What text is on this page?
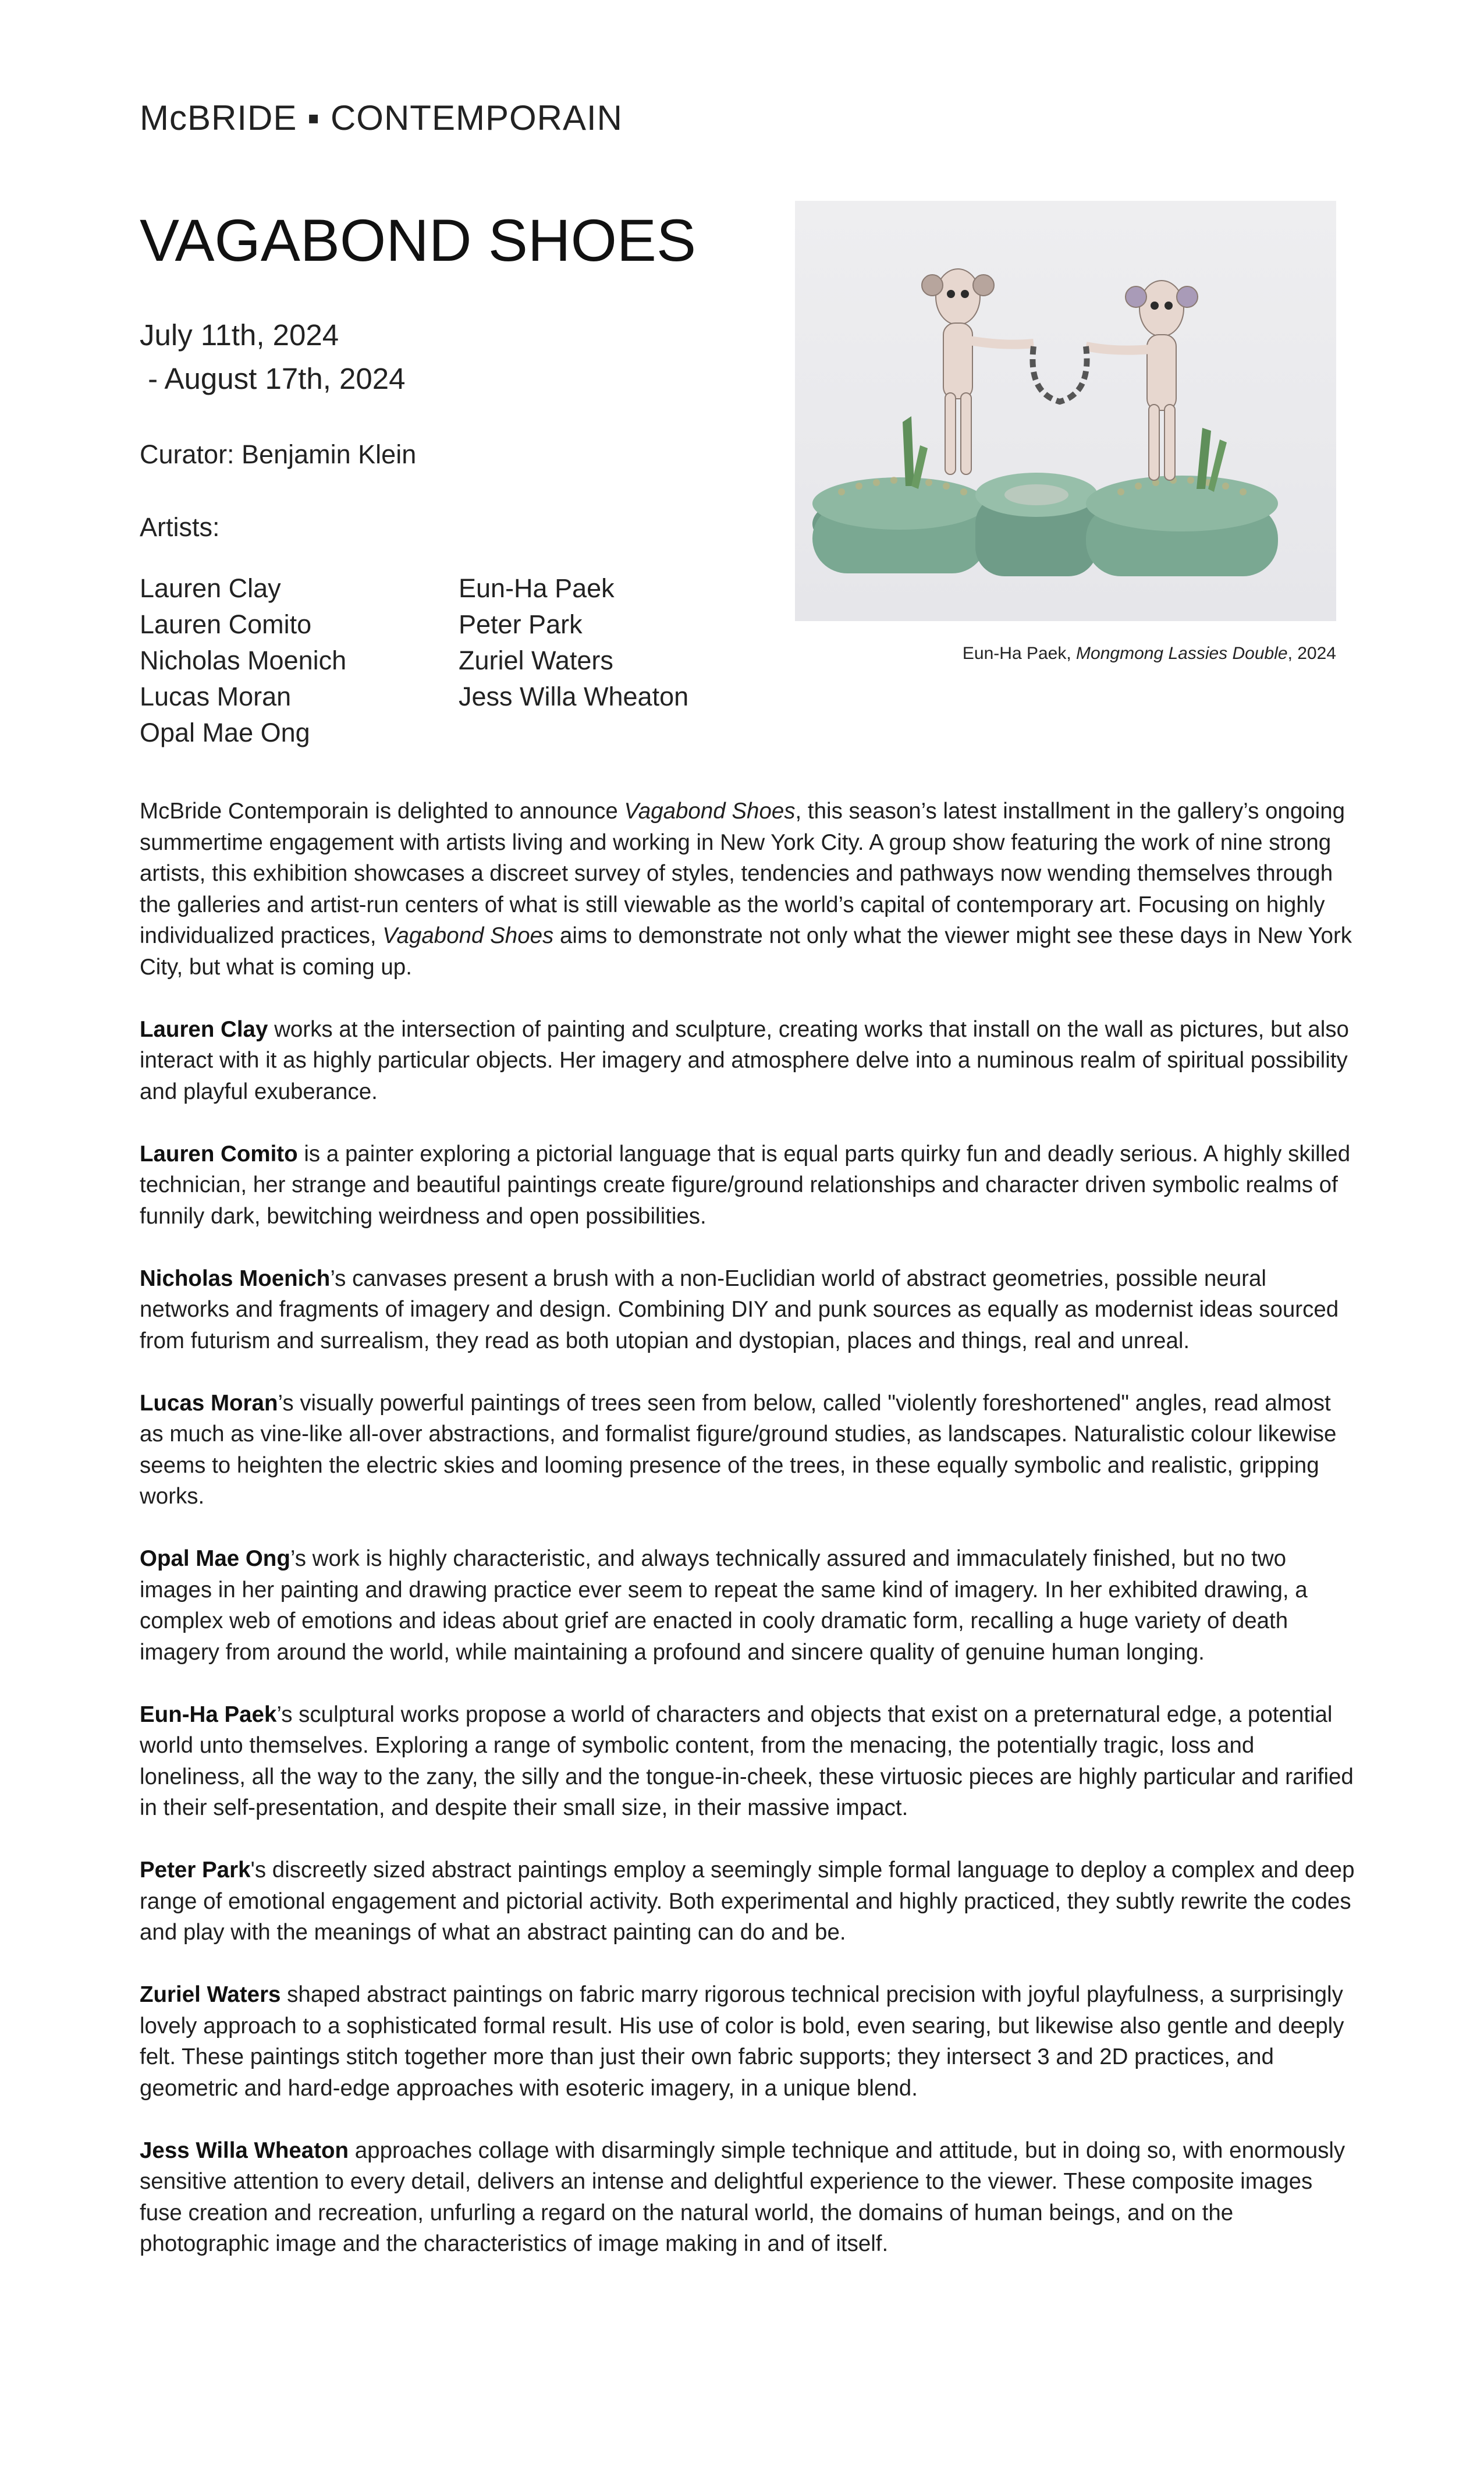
McBRIDE ▪ CONTEMPORAIN
VAGABOND SHOES
July 11th, 2024
- August 17th, 2024
Curator: Benjamin Klein
Artists:
Lauren Clay
Lauren Comito
Nicholas Moenich
Lucas Moran
Opal Mae Ong
Eun-Ha Paek
Peter Park
Zuriel Waters
Jess Willa Wheaton
Eun-Ha Paek, Mongmong Lassies Double, 2024

McBride Contemporain is delighted to announce Vagabond Shoes, this season’s latest installment in the gallery’s ongoing summertime engagement with artists living and working in New York City. A group show featuring the work of nine strong artists, this exhibition showcases a discreet survey of styles, tendencies and pathways now wending themselves through the galleries and artist-run centers of what is still viewable as the world’s capital of contemporary art. Focusing on highly individualized practices, Vagabond Shoes aims to demonstrate not only what the viewer might see these days in New York City, but what is coming up.

Lauren Clay works at the intersection of painting and sculpture, creating works that install on the wall as pictures, but also interact with it as highly particular objects. Her imagery and atmosphere delve into a numinous realm of spiritual possibility and playful exuberance.

Lauren Comito is a painter exploring a pictorial language that is equal parts quirky fun and deadly serious. A highly skilled technician, her strange and beautiful paintings create figure/ground relationships and character driven symbolic realms of funnily dark, bewitching weirdness and open possibilities.

Nicholas Moenich’s canvases present a brush with a non-Euclidian world of abstract geometries, possible neural networks and fragments of imagery and design. Combining DIY and punk sources as equally as modernist ideas sourced from futurism and surrealism, they read as both utopian and dystopian, places and things, real and unreal.

Lucas Moran’s visually powerful paintings of trees seen from below, called "violently foreshortened" angles, read almost as much as vine-like all-over abstractions, and formalist figure/ground studies, as landscapes. Naturalistic colour likewise seems to heighten the electric skies and looming presence of the trees, in these equally symbolic and realistic, gripping works.

Opal Mae Ong’s work is highly characteristic, and always technically assured and immaculately finished, but no two images in her painting and drawing practice ever seem to repeat the same kind of imagery. In her exhibited drawing, a complex web of emotions and ideas about grief are enacted in cooly dramatic form, recalling a huge variety of death imagery from around the world, while maintaining a profound and sincere quality of genuine human longing.

Eun-Ha Paek’s sculptural works propose a world of characters and objects that exist on a preternatural edge, a potential world unto themselves. Exploring a range of symbolic content, from the menacing, the potentially tragic, loss and loneliness, all the way to the zany, the silly and the tongue-in-cheek, these virtuosic pieces are highly particular and rarified in their self-presentation, and despite their small size, in their massive impact.

Peter Park's discreetly sized abstract paintings employ a seemingly simple formal language to deploy a complex and deep range of emotional engagement and pictorial activity. Both experimental and highly practiced, they subtly rewrite the codes and play with the meanings of what an abstract painting can do and be.

Zuriel Waters shaped abstract paintings on fabric marry rigorous technical precision with joyful playfulness, a surprisingly lovely approach to a sophisticated formal result. His use of color is bold, even searing, but likewise also gentle and deeply felt. These paintings stitch together more than just their own fabric supports; they intersect 3 and 2D practices, and geometric and hard-edge approaches with esoteric imagery, in a unique blend.

Jess Willa Wheaton approaches collage with disarmingly simple technique and attitude, but in doing so, with enormously sensitive attention to every detail, delivers an intense and delightful experience to the viewer. These composite images fuse creation and recreation, unfurling a regard on the natural world, the domains of human beings, and on the photographic image and the characteristics of image making in and of itself.
